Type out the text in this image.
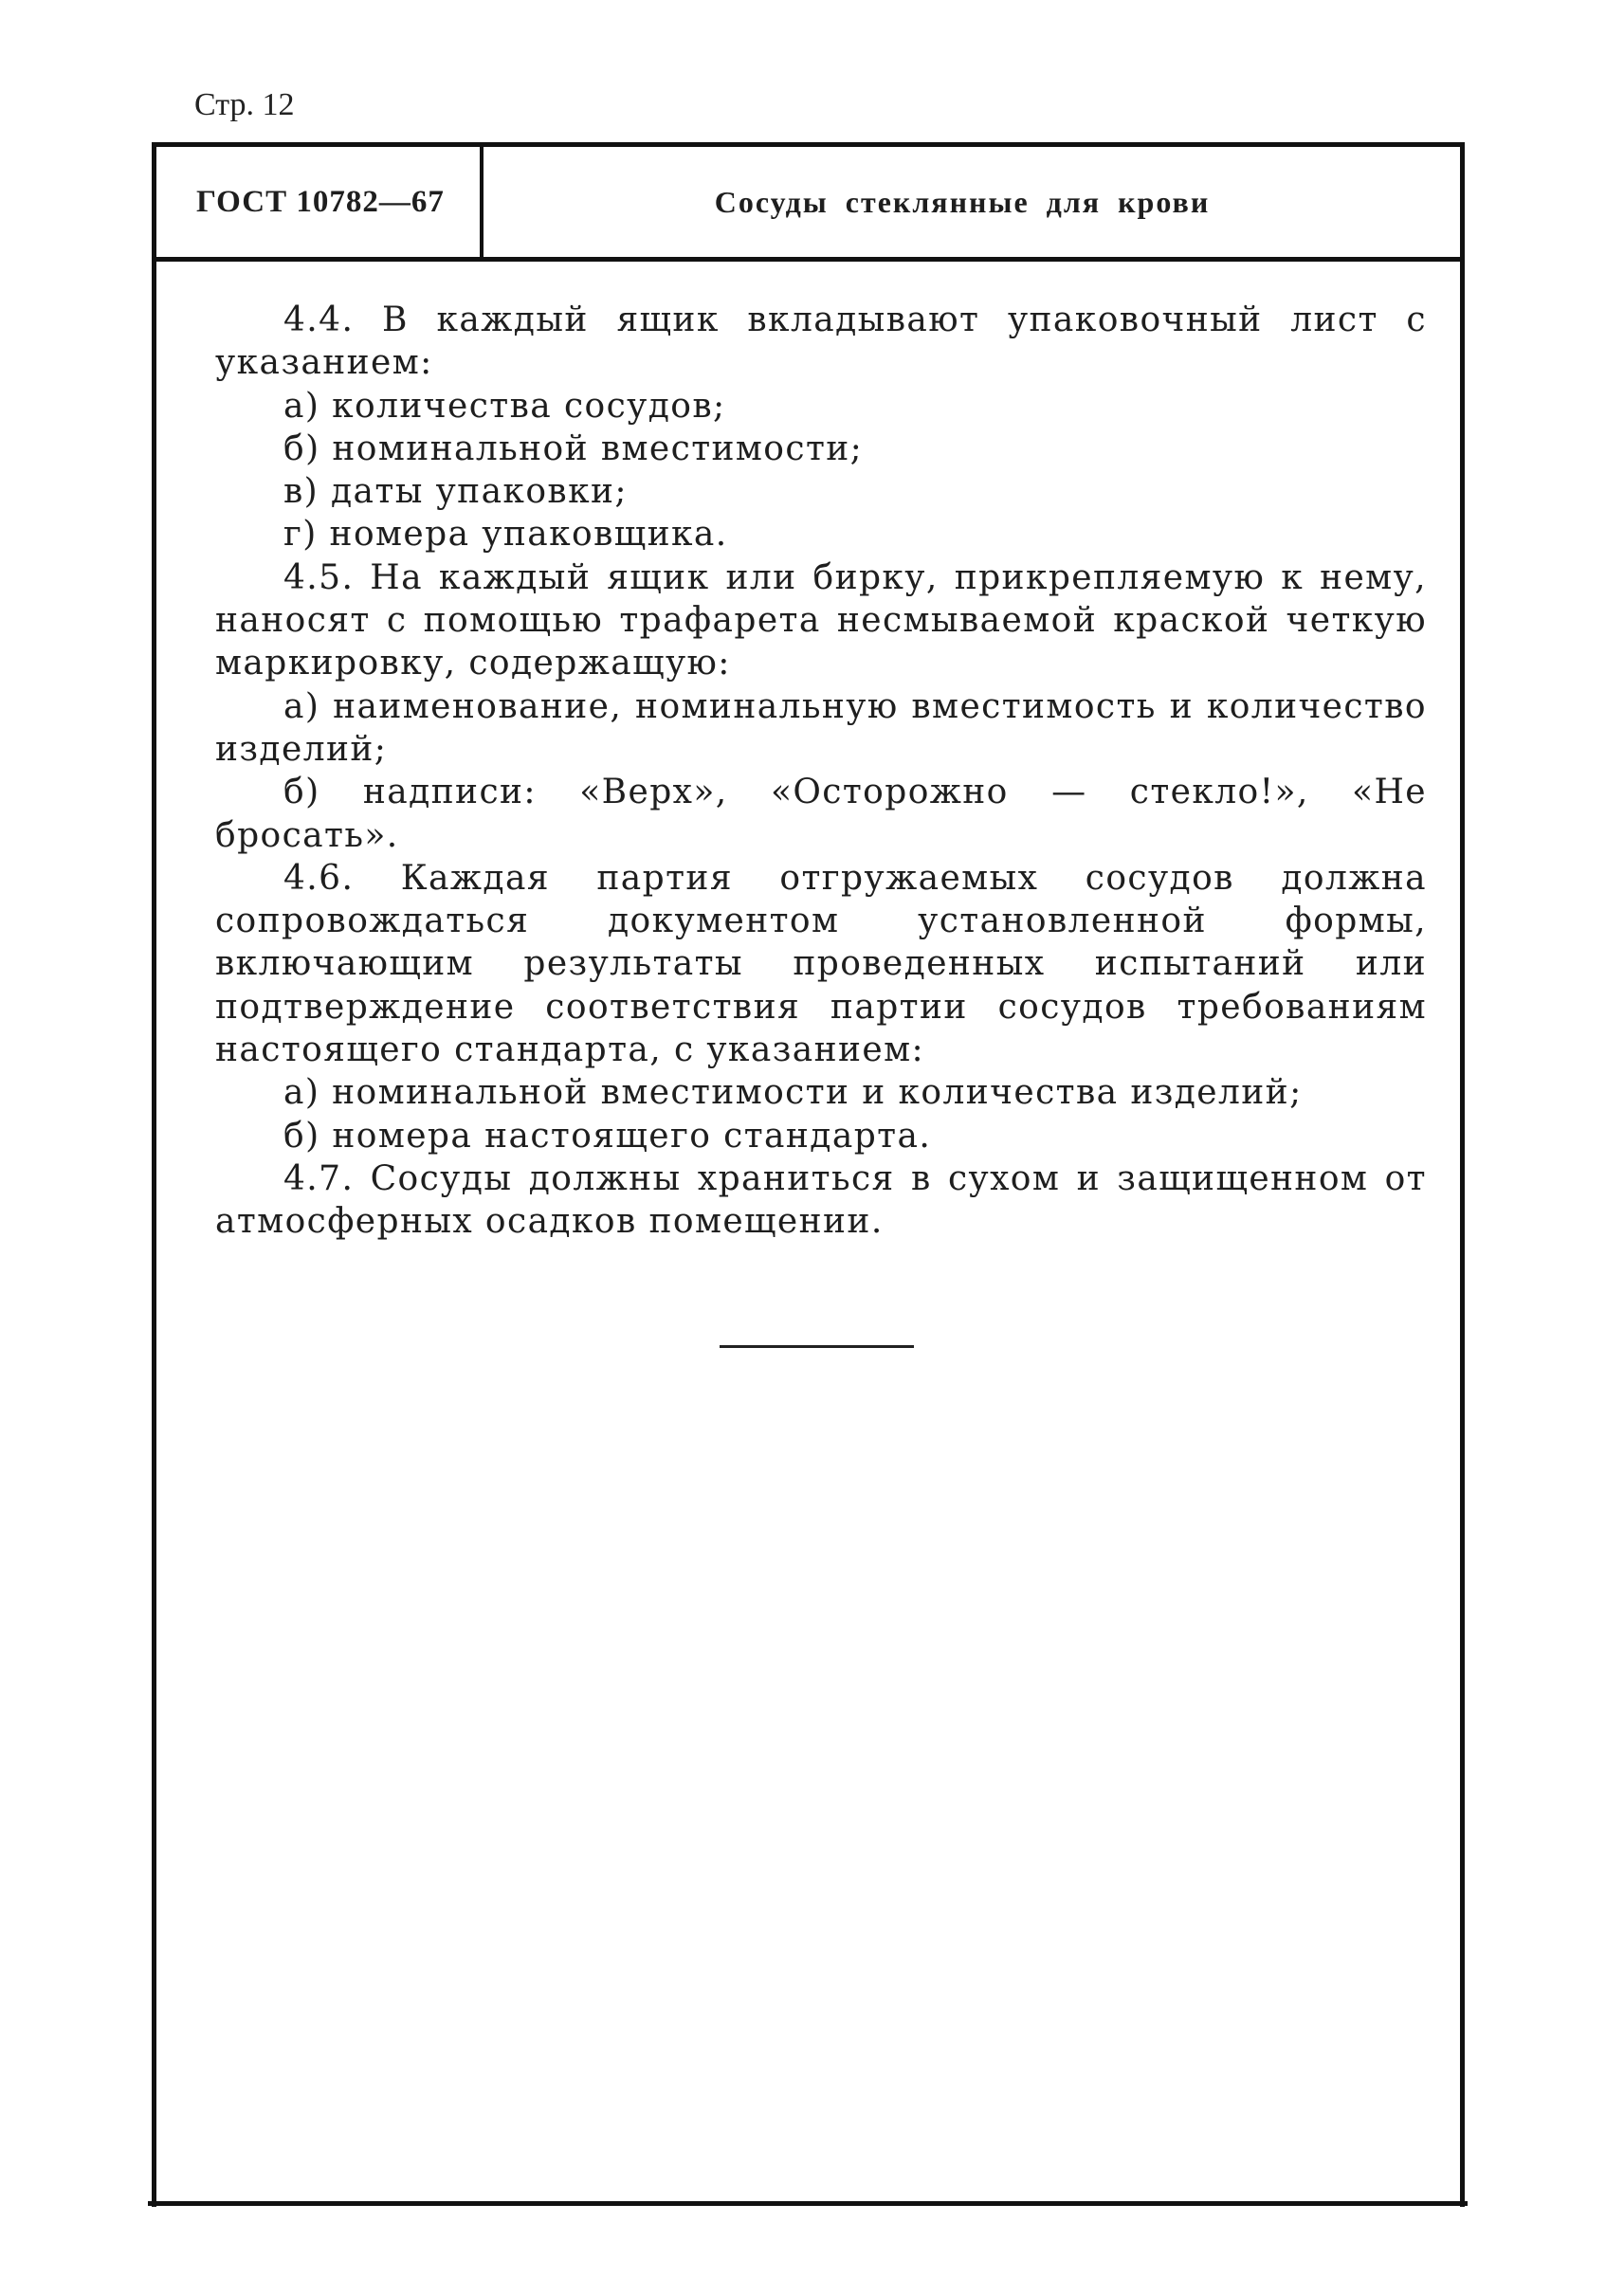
Стр. 12
ГОСТ 10782—67	Сосуды стеклянные для крови

4.4. В каждый ящик вкладывают упаковочный лист с указанием:

а) количества сосудов;

б) номинальной вместимости;

в) даты упаковки;

г) номера упаковщика.

4.5. На каждый ящик или бирку, прикрепляемую к нему, наносят с помощью трафарета несмываемой краской четкую маркировку, содержащую:

а) наименование, номинальную вместимость и количество изделий;

б) надписи: «Верх», «Осторожно — стекло!», «Не бросать».

4.6. Каждая партия отгружаемых сосудов должна сопровождаться документом установленной формы, включающим результаты проведенных испытаний или подтверждение соответствия партии сосудов требованиям настоящего стандарта, с указанием:

а) номинальной вместимости и количества изделий;

б) номера настоящего стандарта.

4.7. Сосуды должны храниться в сухом и защищенном от атмосферных осадков помещении.
